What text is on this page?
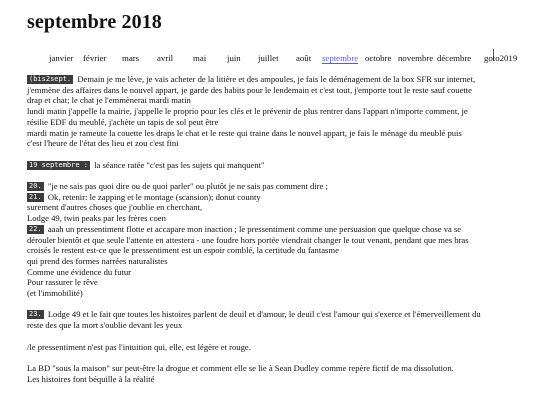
septembre 2018
janvier février mars avril mai juin juillet août septembre octobre novembre décembre goto2019

(bis2sept. Demain je me lève, je vais acheter de la litière et des ampoules, je fais le déménagement de la box SFR sur internet,
j'emmène des affaires dans le nouvel appart, je garde des habits pour le lendemain et c'est tout, j'emporte tout le reste sauf couette
drap et chat; le chat je l'emmènerai mardi matin
lundi matin j'appelle la mairie, j'appelle le proprio pour les clés et le prévenir de plus rentrer dans l'appart n'importe comment, je
résilie EDF du meublé, j'achète un tapis de sol peut être
mardi matin je rameute la couette les draps le chat et le reste qui traine dans le nouvel appart, je fais le ménage du meublé puis
c'est l'heure de l'état des lieu et zou c'est fini

19 septembre : la séance ratée "c'est pas les sujets qui manquent"

20. "je ne sais pas quoi dire ou de quoi parler" ou plutôt je ne sais pas comment dire ;
21. Ok, retenir: le zapping et le montage (scansion); donut county
surement d'autres choses que j'oublie en cherchant,
Lodge 49, twin peaks par les frères coen
22. aaah un pressentiment flotte et accapare mon inaction ; le pressentiment comme une persuasion que quelque chose va se
dérouler bientôt et que seule l'attente en attestera - une foudre hors portée viendrait changer le tout venant, pendant que mes bras
croisés le restent est-ce que le pressentiment est un espoir comblé, la certitude du fantasme
qui prend des formes narrées naturalistes
Comme une évidence du futur
Pour rassurer le rêve
(et l'immobilité)

23. Lodge 49 et le fait que toutes les histoires parlent de deuil et d'amour, le deuil c'est l'amour qui s'exerce et l'émerveillement du
reste des que la mort s'oublie devant les yeux

/le pressentiment n'est pas l'intuition qui, elle, est légère et rouge.

La BD "sous la maison" sur peut-être la drogue et comment elle se lie à Sean Dudley comme repère fictif de ma dissolution.
Les histoires font béquille à la réalité
